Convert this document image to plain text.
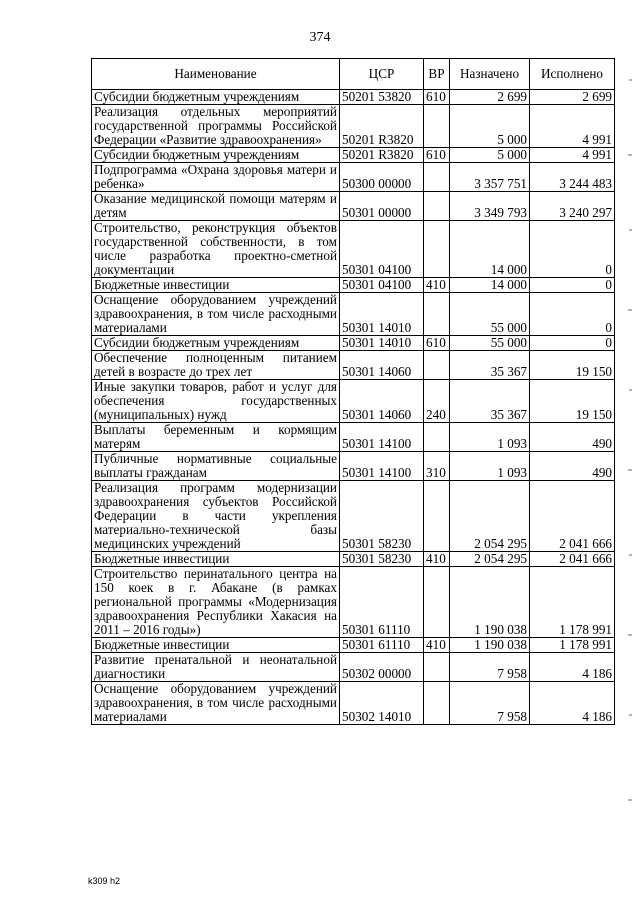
374
Наименование	ЦСР	ВР	Назначено	Исполнено
Субсидии бюджетным учреждениям	50201 53820	610	2 699	2 699
Реализация отдельных мероприятий государственной программы Российской Федерации «Развитие здравоохранения»	50201 R3820		5 000	4 991
Субсидии бюджетным учреждениям	50201 R3820	610	5 000	4 991
Подпрограмма «Охрана здоровья матери и ребенка»	50300 00000		3 357 751	3 244 483
Оказание медицинской помощи матерям и детям	50301 00000		3 349 793	3 240 297
Строительство, реконструкция объектов государственной собственности, в том числе разработка проектно-сметной документации	50301 04100		14 000	0
Бюджетные инвестиции	50301 04100	410	14 000	0
Оснащение оборудованием учреждений здравоохранения, в том числе расходными материалами	50301 14010		55 000	0
Субсидии бюджетным учреждениям	50301 14010	610	55 000	0
Обеспечение полноценным питанием детей в возрасте до трех лет	50301 14060		35 367	19 150
Иные закупки товаров, работ и услуг для обеспечения государственных (муниципальных) нужд	50301 14060	240	35 367	19 150
Выплаты беременным и кормящим матерям	50301 14100		1 093	490
Публичные нормативные социальные выплаты гражданам	50301 14100	310	1 093	490
Реализация программ модернизации здравоохранения субъектов Российской Федерации в части укрепления материально-технической базы медицинских учреждений	50301 58230		2 054 295	2 041 666
Бюджетные инвестиции	50301 58230	410	2 054 295	2 041 666
Строительство перинатального центра на 150 коек в г. Абакане (в рамках региональной программы «Модернизация здравоохранения Республики Хакасия на 2011 – 2016 годы»)	50301 61110		1 190 038	1 178 991
Бюджетные инвестиции	50301 61110	410	1 190 038	1 178 991
Развитие пренатальной и неонатальной диагностики	50302 00000		7 958	4 186
Оснащение оборудованием учреждений здравоохранения, в том числе расходными материалами	50302 14010		7 958	4 186
k309 h2
